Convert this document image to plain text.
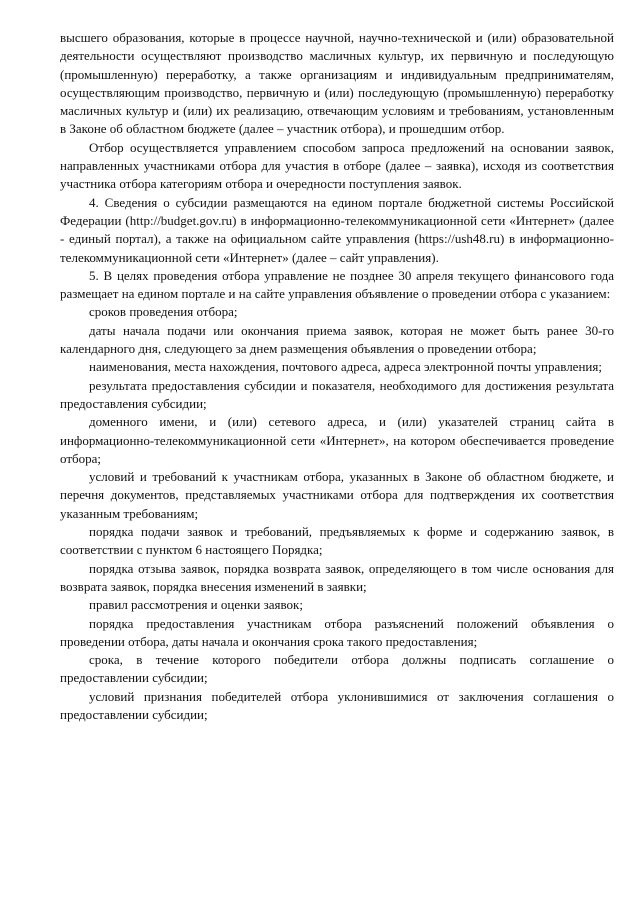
высшего образования, которые в процессе научной, научно-технической и (или) образовательной деятельности осуществляют производство масличных культур, их первичную и последующую (промышленную) переработку, а также организациям и индивидуальным предпринимателям, осуществляющим производство, первичную и (или) последующую (промышленную) переработку масличных культур и (или) их реализацию, отвечающим условиям и требованиям, установленным в Законе об областном бюджете (далее – участник отбора), и прошедшим отбор.

Отбор осуществляется управлением способом запроса предложений на основании заявок, направленных участниками отбора для участия в отборе (далее – заявка), исходя из соответствия участника отбора категориям отбора и очередности поступления заявок.

4. Сведения о субсидии размещаются на едином портале бюджетной системы Российской Федерации (http://budget.gov.ru) в информационно-телекоммуникационной сети «Интернет» (далее - единый портал), а также на официальном сайте управления (https://ush48.ru) в информационно-телекоммуникационной сети «Интернет» (далее – сайт управления).

5. В целях проведения отбора управление не позднее 30 апреля текущего финансового года размещает на едином портале и на сайте управления объявление о проведении отбора с указанием:

сроков проведения отбора;

даты начала подачи или окончания приема заявок, которая не может быть ранее 30-го календарного дня, следующего за днем размещения объявления о проведении отбора;

наименования, места нахождения, почтового адреса, адреса электронной почты управления;

результата предоставления субсидии и показателя, необходимого для достижения результата предоставления субсидии;

доменного имени, и (или) сетевого адреса, и (или) указателей страниц сайта в информационно-телекоммуникационной сети «Интернет», на котором обеспечивается проведение отбора;

условий и требований к участникам отбора, указанных в Законе об областном бюджете, и перечня документов, представляемых участниками отбора для подтверждения их соответствия указанным требованиям;

порядка подачи заявок и требований, предъявляемых к форме и содержанию заявок, в соответствии с пунктом 6 настоящего Порядка;

порядка отзыва заявок, порядка возврата заявок, определяющего в том числе основания для возврата заявок, порядка внесения изменений в заявки;

правил рассмотрения и оценки заявок;

порядка предоставления участникам отбора разъяснений положений объявления о проведении отбора, даты начала и окончания срока такого предоставления;

срока, в течение которого победители отбора должны подписать соглашение о предоставлении субсидии;

условий признания победителей отбора уклонившимися от заключения соглашения о предоставлении субсидии;
